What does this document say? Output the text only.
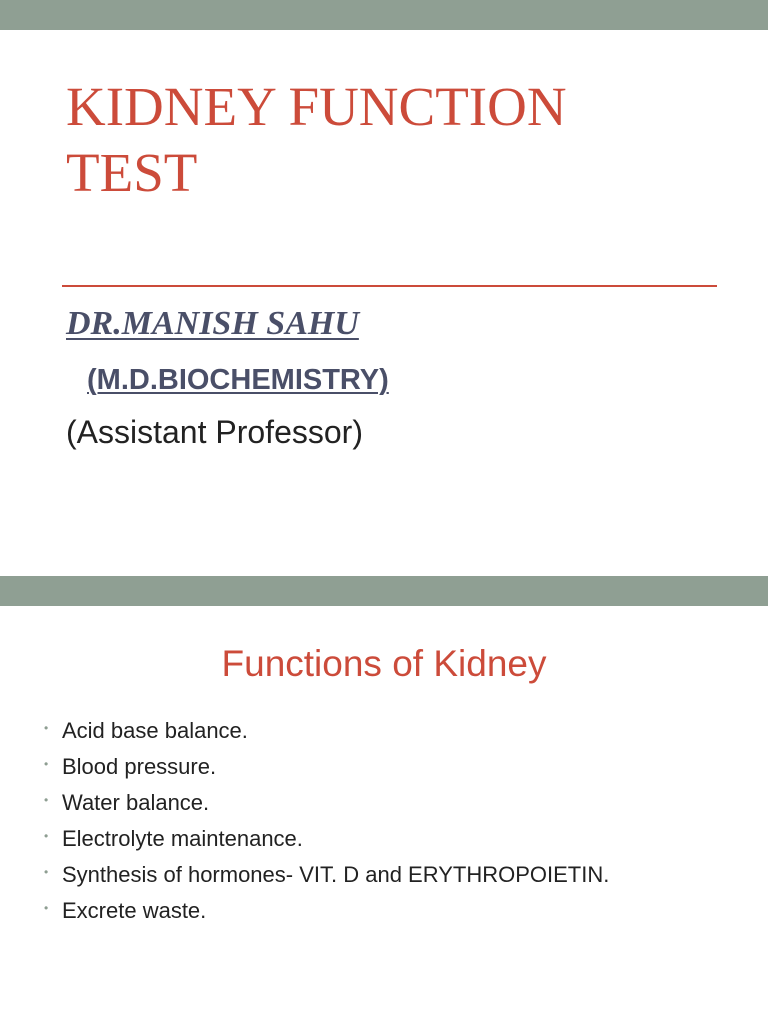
KIDNEY FUNCTION TEST
DR.MANISH SAHU
(M.D.BIOCHEMISTRY)
(Assistant Professor)
Functions of Kidney
• Acid base balance.
• Blood pressure.
• Water balance.
• Electrolyte maintenance.
• Synthesis of hormones- VIT. D and ERYTHROPOIETIN.
• Excrete waste.
